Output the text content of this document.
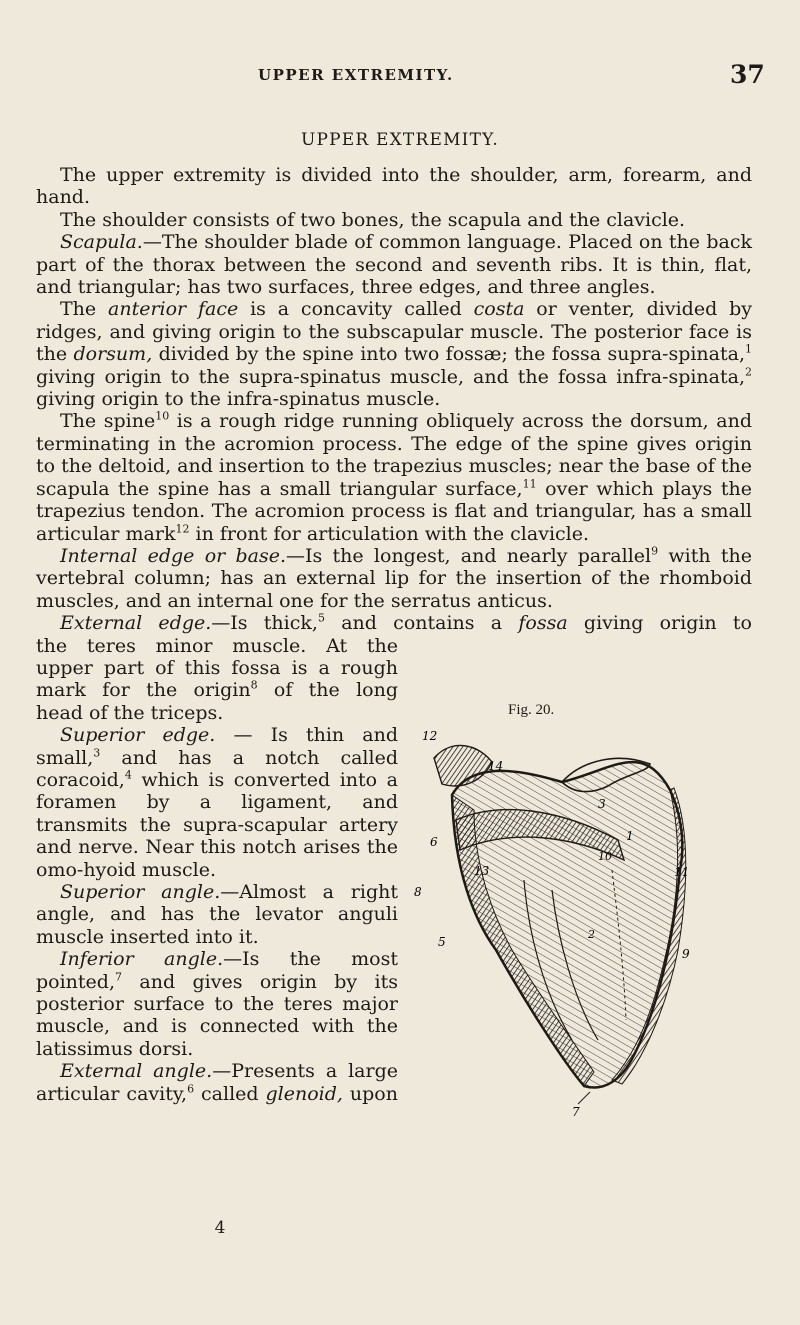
UPPER EXTREMITY.	37
UPPER EXTREMITY.

The upper extremity is divided into the shoulder, arm, forearm, and hand.

The shoulder consists of two bones, the scapula and the clavicle.

Scapula.—The shoulder blade of common language. Placed on the back part of the thorax between the second and seventh ribs. It is thin, flat, and triangular; has two surfaces, three edges, and three angles.

The anterior face is a concavity called costa or venter, divided by ridges, and giving origin to the subscapular muscle. The posterior face is the dorsum, divided by the spine into two fossæ; the fossa supra-spinata,$^1$ giving origin to the supra-spinatus muscle, and the fossa infra-spinata,$^2$ giving origin to the infra-spinatus muscle.

The spine$^{10}$ is a rough ridge running obliquely across the dorsum, and terminating in the acromion process. The edge of the spine gives origin to the deltoid, and insertion to the trapezius muscles; near the base of the scapula the spine has a small triangular surface,$^{11}$ over which plays the trapezius tendon. The acromion process is flat and triangular, has a small articular mark$^{12}$ in front for articulation with the clavicle.

Internal edge or base.—Is the longest, and nearly parallel$^9$ with the vertebral column; has an external lip for the insertion of the rhomboid muscles, and an internal one for the serratus anticus.

External edge.—Is thick,$^5$ and contains a fossa giving origin to

the teres minor muscle. At the

upper part of this fossa is a rough

mark for the origin$^8$ of the long

head of the triceps.

Superior edge. — Is thin and small,$^3$ and has a notch called coracoid,$^4$ which is converted into a foramen by a ligament, and transmits the supra-scapular artery and nerve. Near this notch arises the omo-hyoid muscle.

Superior angle.—Almost a right angle, and has the levator anguli muscle inserted into it.

Inferior angle.—Is the most pointed,$^7$ and gives origin by its posterior surface to the teres major muscle, and is connected with the latissimus dorsi.

External angle.—Presents a large articular cavity,$^6$ called glenoid, upon

Fig. 20.
12
14
3
1
6
10
13	11
8
2
9
5
7
4
